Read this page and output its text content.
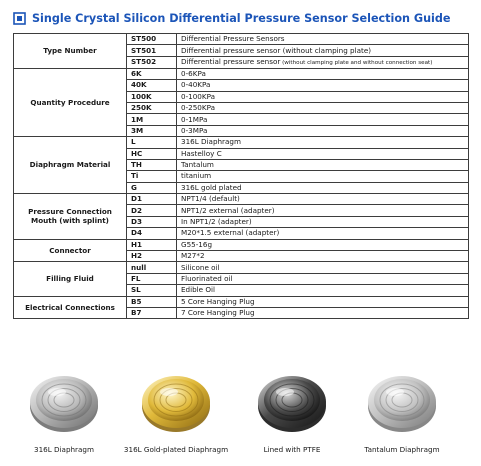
Single Crystal Silicon Differential Pressure Sensor Selection Guide
Type Number	ST500	Differential Pressure Sensors
	ST501	Differential pressure sensor (without clamping plate)
	ST502	Differential pressure sensor (without clamping plate and without connection seat)
Quantity Procedure	6K	0-6KPa
	40K	0-40KPa
	100K	0-100KPa
	250K	0-250KPa
	1M	0-1MPa
	3M	0-3MPa
Diaphragm Material	L	316L Diaphragm
	HC	Hastelloy C
	TH	Tantalum
	Ti	titanium
	G	316L gold plated
Pressure Connection Mouth (with splint)	D1	NPT1/4 (default)
	D2	NPT1/2 external (adapter)
	D3	In NPT1/2 (adapter)
	D4	M20*1.5 external (adapter)
Connector	H1	G55-16g
	H2	M27*2
Filling Fluid	null	Silicone oil
	FL	Fluorinated oil
	SL	Edible Oil
Electrical Connections	B5	5 Core Hanging Plug
	B7	7 Core Hanging Plug
316L Diaphragm	316L Gold-plated Diaphragm	Lined with PTFE	Tantalum Diaphragm
